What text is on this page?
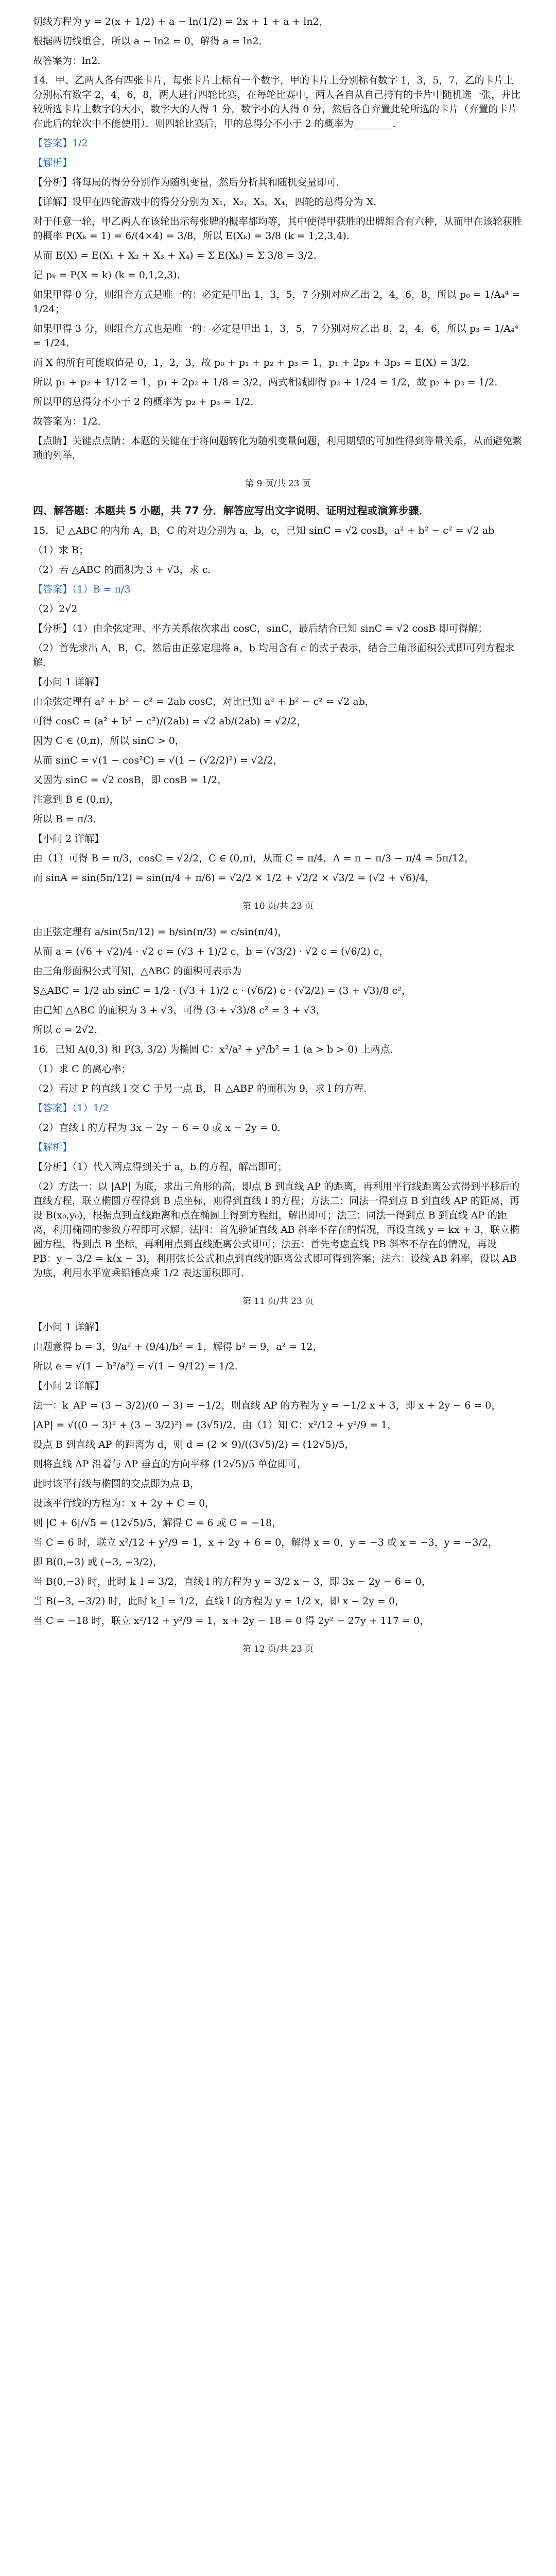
切线方程为 y = 2(x + 1/2) + a − ln(1/2) = 2x + 1 + a + ln2，
根据两切线重合，所以 a − ln2 = 0，解得 a = ln2．
故答案为：ln2．
14．甲、乙两人各有四张卡片，每张卡片上标有一个数字，甲的卡片上分别标有数字 1，3，5，7，乙的卡片上分别标有数字 2，4，6，8，两人进行四轮比赛，在每轮比赛中，两人各自从自己持有的卡片中随机选一张，并比较所选卡片上数字的大小，数字大的人得 1 分，数字小的人得 0 分，然后各自弃置此轮所选的卡片（弃置的卡片在此后的轮次中不能使用）．则四轮比赛后，甲的总得分不小于 2 的概率为________．
【答案】1/2
【解析】
【分析】将每局的得分分别作为随机变量，然后分析其和随机变量即可．
【详解】设甲在四轮游戏中的得分分别为 X₁，X₂，X₃，X₄，四轮的总得分为 X．
对于任意一轮，甲乙两人在该轮出示每张牌的概率都均等，其中使得甲获胜的出牌组合有六种，从而甲在该轮获胜的概率 P(Xₖ = 1) = 6/(4×4) = 3/8，所以 E(Xₖ) = 3/8 (k = 1,2,3,4)．
从而 E(X) = E(X₁ + X₂ + X₃ + X₄) = Σ E(Xₖ) = Σ 3/8 = 3/2．
记 pₖ = P(X = k) (k = 0,1,2,3)．
如果甲得 0 分，则组合方式是唯一的：必定是甲出 1，3，5，7 分别对应乙出 2，4，6，8，所以 p₀ = 1/A₄⁴ = 1/24；
如果甲得 3 分，则组合方式也是唯一的：必定是甲出 1，3，5，7 分别对应乙出 8，2，4，6，所以 p₃ = 1/A₄⁴ = 1/24．
而 X 的所有可能取值是 0，1，2，3，故 p₀ + p₁ + p₂ + p₃ = 1，p₁ + 2p₂ + 3p₃ = E(X) = 3/2．
所以 p₁ + p₂ + 1/12 = 1，p₁ + 2p₂ + 1/8 = 3/2，两式相减即得 p₂ + 1/24 = 1/2，故 p₂ + p₃ = 1/2．
所以甲的总得分不小于 2 的概率为 p₂ + p₃ = 1/2．
故答案为：1/2．
【点睛】关键点点睛：本题的关键在于将问题转化为随机变量问题，利用期望的可加性得到等量关系，从而避免繁琐的列举．
第 9 页/共 23 页
四、解答题：本题共 5 小题，共 77 分．解答应写出文字说明、证明过程或演算步骤．
15．记 △ABC 的内角 A，B，C 的对边分别为 a，b，c，已知 sinC = √2 cosB，a² + b² − c² = √2 ab
（1）求 B；
（2）若 △ABC 的面积为 3 + √3，求 c．
【答案】（1）B = π/3
（2）2√2
【分析】（1）由余弦定理、平方关系依次求出 cosC，sinC，最后结合已知 sinC = √2 cosB 即可得解；
（2）首先求出 A，B，C，然后由正弦定理将 a，b 均用含有 c 的式子表示，结合三角形面积公式即可列方程求解．
【小问 1 详解】
由余弦定理有 a² + b² − c² = 2ab cosC，对比已知 a² + b² − c² = √2 ab，
可得 cosC = (a² + b² − c²)/(2ab) = √2 ab/(2ab) = √2/2，
因为 C ∈ (0,π)，所以 sinC > 0，
从而 sinC = √(1 − cos²C) = √(1 − (√2/2)²) = √2/2，
又因为 sinC = √2 cosB，即 cosB = 1/2，
注意到 B ∈ (0,π)，
所以 B = π/3．
【小问 2 详解】
由（1）可得 B = π/3，cosC = √2/2，C ∈ (0,π)，从而 C = π/4，A = π − π/3 − π/4 = 5π/12，
而 sinA = sin(5π/12) = sin(π/4 + π/6) = √2/2 × 1/2 + √2/2 × √3/2 = (√2 + √6)/4，
第 10 页/共 23 页
由正弦定理有 a/sin(5π/12) = b/sin(π/3) = c/sin(π/4)，
从而 a = (√6 + √2)/4 · √2 c = (√3 + 1)/2 c，b = (√3/2) · √2 c = (√6/2) c，
由三角形面积公式可知，△ABC 的面积可表示为
S△ABC = 1/2 ab sinC = 1/2 · (√3 + 1)/2 c · (√6/2) c · (√2/2) = (3 + √3)/8 c²，
由已知 △ABC 的面积为 3 + √3，可得 (3 + √3)/8 c² = 3 + √3，
所以 c = 2√2．
16．已知 A(0,3) 和 P(3, 3/2) 为椭圆 C：x²/a² + y²/b² = 1 (a > b > 0) 上两点．
（1）求 C 的离心率；
（2）若过 P 的直线 l 交 C 于另一点 B，且 △ABP 的面积为 9，求 l 的方程．
【答案】（1）1/2
（2）直线 l 的方程为 3x − 2y − 6 = 0 或 x − 2y = 0．
【解析】
【分析】（1）代入两点得到关于 a，b 的方程，解出即可；
（2）方法一：以 |AP| 为底，求出三角形的高，即点 B 到直线 AP 的距离，再利用平行线距离公式得到平移后的直线方程，联立椭圆方程得到 B 点坐标，则得到直线 l 的方程；方法二：同法一得到点 B 到直线 AP 的距离，再设 B(x₀,y₀)，根据点到直线距离和点在椭圆上得到方程组，解出即可；法三：同法一得到点 B 到直线 AP 的距离，利用椭圆的参数方程即可求解；法四：首先验证直线 AB 斜率不存在的情况，再设直线 y = kx + 3，联立椭圆方程，得到点 B 坐标，再利用点到直线距离公式即可；法五：首先考虑直线 PB 斜率不存在的情况，再设 PB：y − 3/2 = k(x − 3)，利用弦长公式和点到直线的距离公式即可得到答案；法六：设线 AB 斜率，设以 AB 为底，利用水平宽乘铅锤高乘 1/2 表达面积即可．
第 11 页/共 23 页
【小问 1 详解】
由题意得 b = 3，9/a² + (9/4)/b² = 1，解得 b² = 9，a² = 12，
所以 e = √(1 − b²/a²) = √(1 − 9/12) = 1/2．
【小问 2 详解】
法一：k_AP = (3 − 3/2)/(0 − 3) = −1/2，则直线 AP 的方程为 y = −1/2 x + 3，即 x + 2y − 6 = 0，
|AP| = √((0 − 3)² + (3 − 3/2)²) = (3√5)/2，由（1）知 C：x²/12 + y²/9 = 1，
设点 B 到直线 AP 的距离为 d，则 d = (2 × 9)/((3√5)/2) = (12√5)/5，
则将直线 AP 沿着与 AP 垂直的方向平移 (12√5)/5 单位即可，
此时该平行线与椭圆的交点即为点 B，
设该平行线的方程为：x + 2y + C = 0，
则 |C + 6|/√5 = (12√5)/5，解得 C = 6 或 C = −18，
当 C = 6 时，联立 x²/12 + y²/9 = 1，x + 2y + 6 = 0，解得 x = 0，y = −3 或 x = −3，y = −3/2，
即 B(0,−3) 或 (−3, −3/2)，
当 B(0,−3) 时，此时 k_l = 3/2，直线 l 的方程为 y = 3/2 x − 3，即 3x − 2y − 6 = 0，
当 B(−3, −3/2) 时，此时 k_l = 1/2，直线 l 的方程为 y = 1/2 x，即 x − 2y = 0，
当 C = −18 时，联立 x²/12 + y²/9 = 1，x + 2y − 18 = 0 得 2y² − 27y + 117 = 0，
第 12 页/共 23 页
